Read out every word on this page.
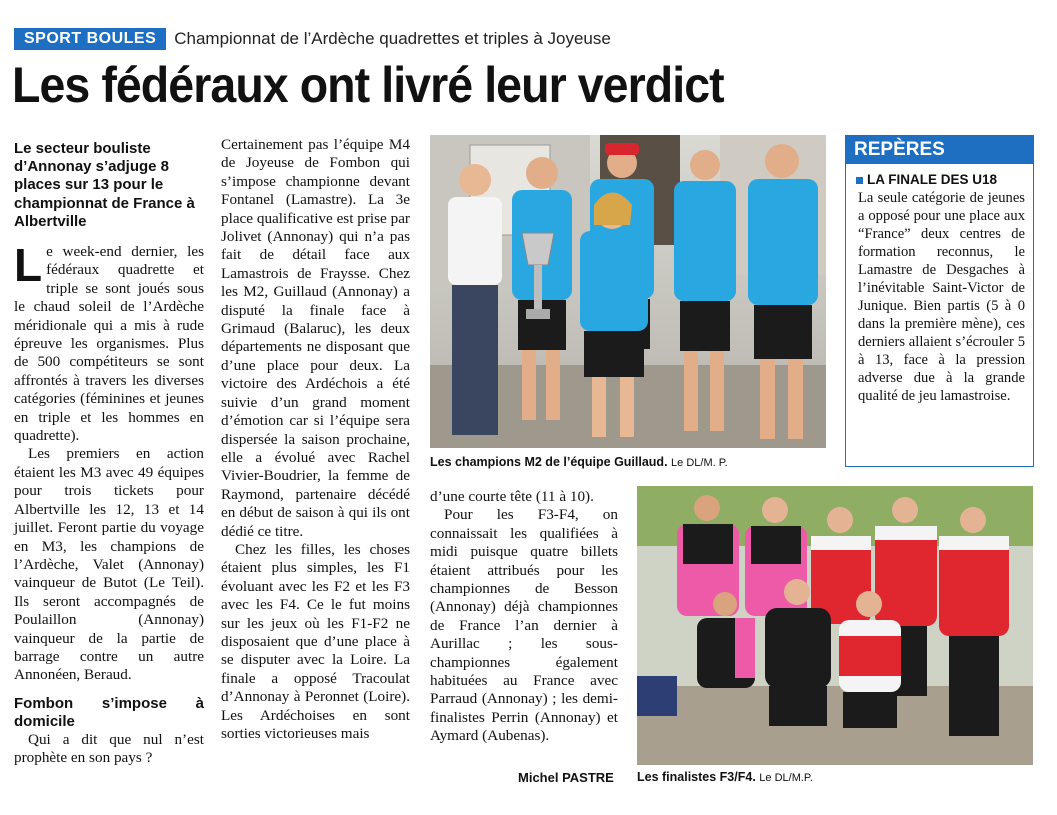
SPORT BOULES	Championnat de l’Ardèche quadrettes et triples à Joyeuse
Les fédéraux ont livré leur verdict
Le secteur bouliste d’Annonay s’adjuge 8 places sur 13 pour le championnat de France à Albertville

Le week-end dernier, les fédéraux quadrette et triple se sont joués sous le chaud soleil de l’Ardèche méridionale qui a mis à rude épreuve les organismes. Plus de 500 compétiteurs se sont affrontés à travers les diverses catégories (féminines et jeunes en triple et les hommes en quadrette).

Les premiers en action étaient les M3 avec 49 équipes pour trois tickets pour Albertville les 12, 13 et 14 juillet. Feront partie du voyage en M3, les champions de l’Ardèche, Valet (Annonay) vainqueur de Butot (Le Teil). Ils seront accompagnés de Poulaillon (Annonay) vainqueur de la partie de barrage contre un autre Annonéen, Beraud.

Fombon s’impose à domicile

Qui a dit que nul n’est prophète en son pays ?

Certainement pas l’équipe M4 de Joyeuse de Fombon qui s’impose championne devant Fontanel (Lamastre). La 3e place qualificative est prise par Jolivet (Annonay) qui n’a pas fait de détail face aux Lamastrois de Fraysse. Chez les M2, Guillaud (Annonay) a disputé la finale face à Grimaud (Balaruc), les deux départements ne disposant que d’une place pour deux. La victoire des Ardéchois a été suivie d’un grand moment d’émotion car si l’équipe sera dispersée la saison prochaine, elle a évolué avec Rachel Vivier-Boudrier, la femme de Raymond, partenaire décédé en début de saison à qui ils ont dédié ce titre.

Chez les filles, les choses étaient plus simples, les F1 évoluant avec les F2 et les F3 avec les F4. Ce le fut moins sur les jeux où les F1-F2 ne disposaient que d’une place à se disputer avec la Loire. La finale a opposé Tracoulat d’Annonay à Peronnet (Loire). Les Ardéchoises en sont sorties victorieuses mais

d’une courte tête (11 à 10).

Pour les F3-F4, on connaissait les qualifiées à midi puisque quatre billets étaient attribués pour les championnes de Besson (Annonay) déjà championnes de France l’an dernier à Aurillac ; les sous-championnes également habituées au France avec Parraud (Annonay) ; les demi-finalistes Perrin (Annonay) et Aymard (Aubenas).

Michel PASTRE
Les champions M2 de l’équipe Guillaud. Le DL/M. P.
Les finalistes F3/F4. Le DL/M.P.
REPÈRES
LA FINALE DES U18
La seule catégorie de jeunes a opposé pour une place aux “France” deux centres de formation reconnus, le Lamastre de Desgaches à l’inévitable Saint-Victor de Junique. Bien partis (5 à 0 dans la première mène), ces derniers allaient s’écrouler 5 à 13, face à la pression adverse due à la grande qualité de jeu lamastroise.
